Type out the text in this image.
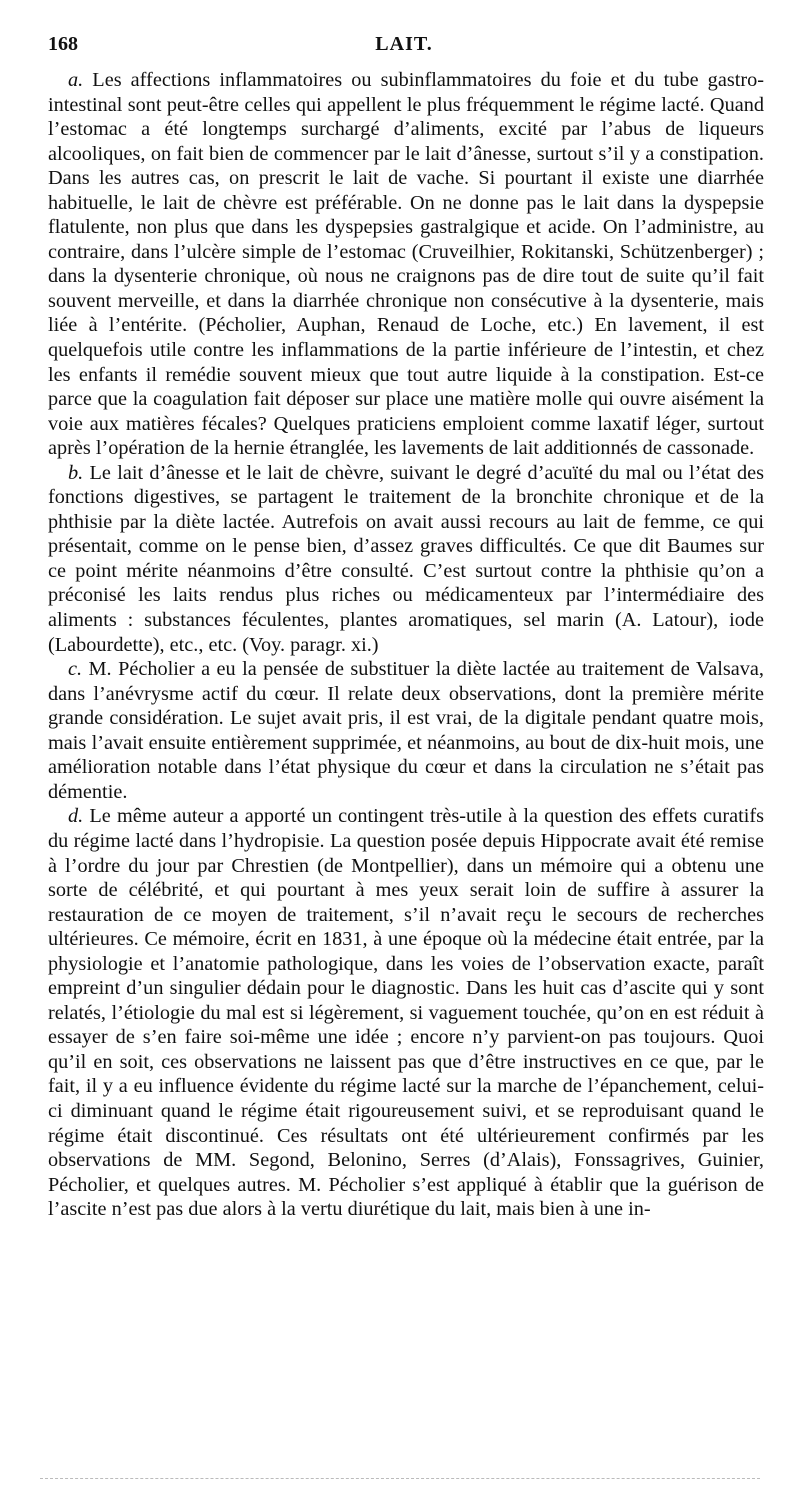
168	LAIT.

a. Les affections inflammatoires ou subinflammatoires du foie et du tube gastro-intestinal sont peut-être celles qui appellent le plus fréquemment le régime lacté. Quand l’estomac a été longtemps surchargé d’aliments, excité par l’abus de liqueurs alcooliques, on fait bien de commencer par le lait d’ânesse, surtout s’il y a constipation. Dans les autres cas, on prescrit le lait de vache. Si pourtant il existe une diarrhée habituelle, le lait de chèvre est préférable. On ne donne pas le lait dans la dyspepsie flatulente, non plus que dans les dyspepsies gastralgique et acide. On l’administre, au contraire, dans l’ulcère simple de l’estomac (Cruveilhier, Rokitanski, Schützenberger) ; dans la dysenterie chronique, où nous ne craignons pas de dire tout de suite qu’il fait souvent merveille, et dans la diarrhée chronique non consécutive à la dysenterie, mais liée à l’entérite. (Pécholier, Auphan, Renaud de Loche, etc.) En lavement, il est quelquefois utile contre les inflammations de la partie inférieure de l’intestin, et chez les enfants il remédie souvent mieux que tout autre liquide à la constipation. Est-ce parce que la coagulation fait déposer sur place une matière molle qui ouvre aisément la voie aux matières fécales? Quelques praticiens emploient comme laxatif léger, surtout après l’opération de la hernie étranglée, les lavements de lait additionnés de cassonade.

b. Le lait d’ânesse et le lait de chèvre, suivant le degré d’acuïté du mal ou l’état des fonctions digestives, se partagent le traitement de la bronchite chronique et de la phthisie par la diète lactée. Autrefois on avait aussi recours au lait de femme, ce qui présentait, comme on le pense bien, d’assez graves difficultés. Ce que dit Baumes sur ce point mérite néanmoins d’être consulté. C’est surtout contre la phthisie qu’on a préconisé les laits rendus plus riches ou médicamenteux par l’intermédiaire des aliments : substances féculentes, plantes aromatiques, sel marin (A. Latour), iode (Labourdette), etc., etc. (Voy. paragr. xi.)

c. M. Pécholier a eu la pensée de substituer la diète lactée au traitement de Valsava, dans l’anévrysme actif du cœur. Il relate deux observations, dont la première mérite grande considération. Le sujet avait pris, il est vrai, de la digitale pendant quatre mois, mais l’avait ensuite entièrement supprimée, et néanmoins, au bout de dix-huit mois, une amélioration notable dans l’état physique du cœur et dans la circulation ne s’était pas démentie.

d. Le même auteur a apporté un contingent très-utile à la question des effets curatifs du régime lacté dans l’hydropisie. La question posée depuis Hippocrate avait été remise à l’ordre du jour par Chrestien (de Montpellier), dans un mémoire qui a obtenu une sorte de célébrité, et qui pourtant à mes yeux serait loin de suffire à assurer la restauration de ce moyen de traitement, s’il n’avait reçu le secours de recherches ultérieures. Ce mémoire, écrit en 1831, à une époque où la médecine était entrée, par la physiologie et l’anatomie pathologique, dans les voies de l’observation exacte, paraît empreint d’un singulier dédain pour le diagnostic. Dans les huit cas d’ascite qui y sont relatés, l’étiologie du mal est si légèrement, si vaguement touchée, qu’on en est réduit à essayer de s’en faire soi-même une idée ; encore n’y parvient-on pas toujours. Quoi qu’il en soit, ces observations ne laissent pas que d’être instructives en ce que, par le fait, il y a eu influence évidente du régime lacté sur la marche de l’épanchement, celui-ci diminuant quand le régime était rigoureusement suivi, et se reproduisant quand le régime était discontinué. Ces résultats ont été ultérieurement confirmés par les observations de MM. Segond, Belonino, Serres (d’Alais), Fonssagrives, Guinier, Pécholier, et quelques autres. M. Pécholier s’est appliqué à établir que la guérison de l’ascite n’est pas due alors à la vertu diurétique du lait, mais bien à une in-
